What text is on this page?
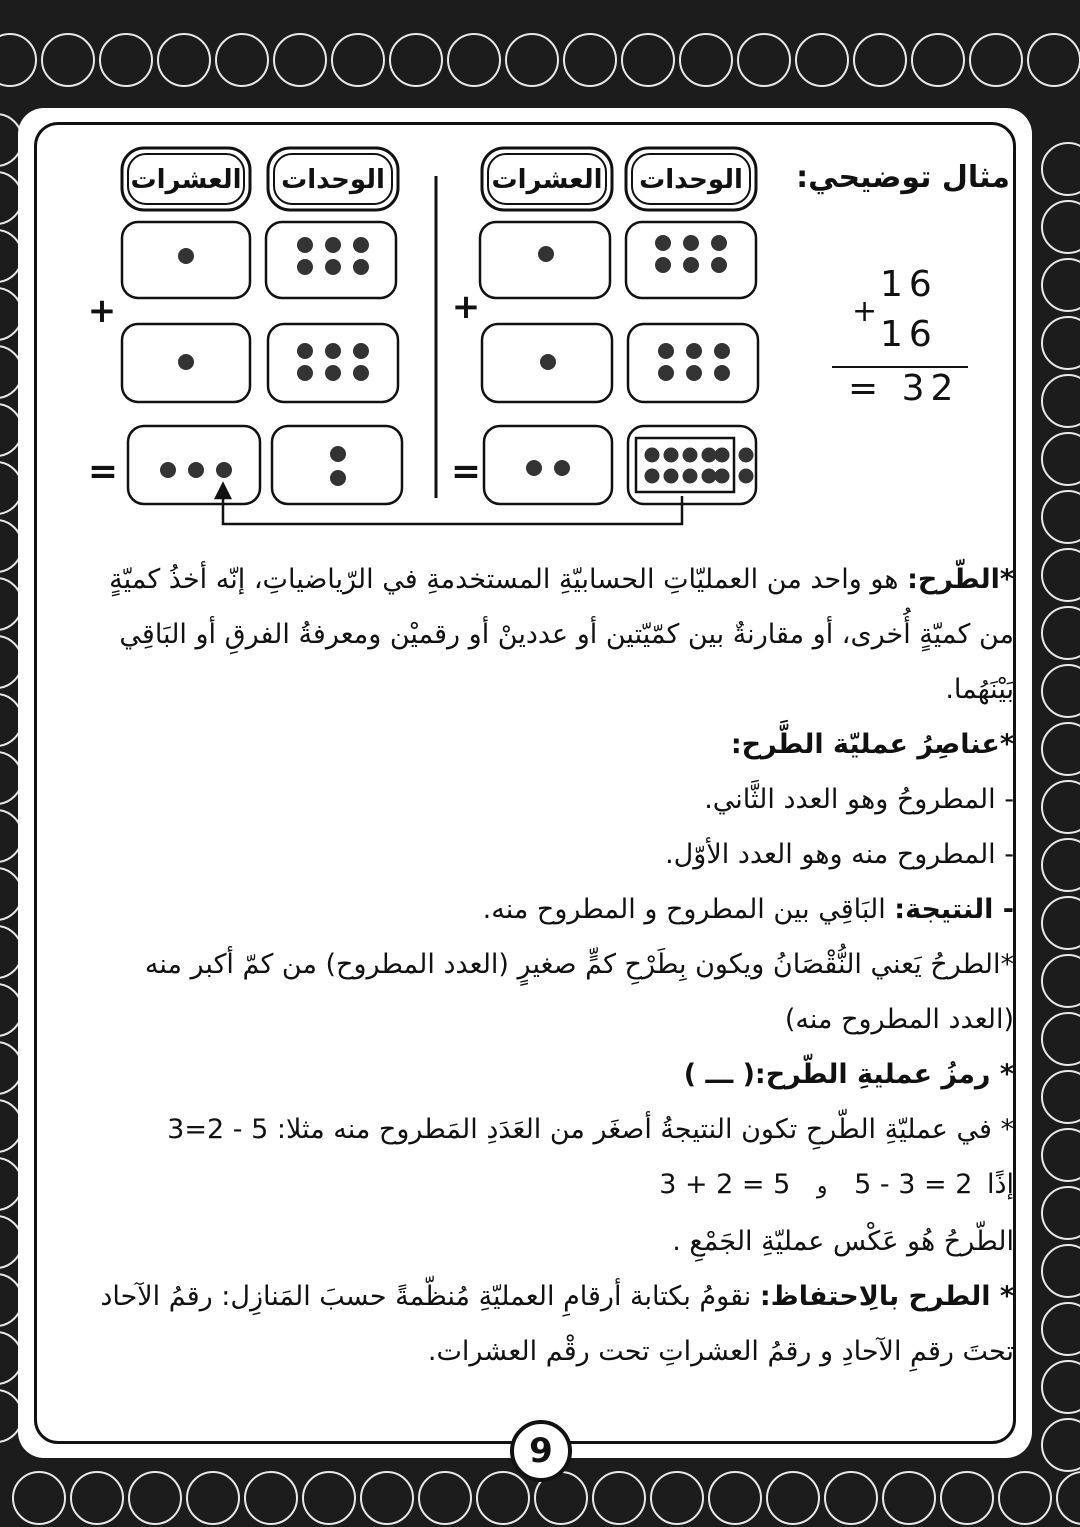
العشرات الوحدات	العشرات الوحدات
+	+
=	=
مثال توضيحي:
16
+
16
= 32

*الطّرح: هو واحد من العمليّاتِ الحسابيّةِ المستخدمةِ في الرّياضياتِ، إنّه أخذُ كميّةٍ

من كميّةٍ أُخرى، أو مقارنةٌ بين كمّيّتين أو عددينْ أو رقميْن ومعرفةُ الفرقِ أو البَاقِي

بَيْنَهُما.

*عناصِرُ عمليّة الطَّرح:

- المطروحُ وهو العدد الثَّاني.

- المطروح منه وهو العدد الأوّل.

- النتيجة: البَاقِي بين المطروح و المطروح منه.

*الطرحُ يَعني النُّقْصَانُ ويكون بِطَرْحِ كمٍّ صغيرٍ (العدد المطروح) من كمّ أكبر منه

(العدد المطروح منه)

* رمزُ عمليةِ الطّرح:( ـــ )

* في عمليّةِ الطّرحِ تكون النتيجةُ أصغَر من العَدَدِ المَطروح منه مثلا: 5 - 2=3

إذًا 5 - 3 = 2 و 3 + 2 = 5

الطّرحُ هُو عَكْس عمليّةِ الجَمْعِ .

* الطرح بالِاحتفاظ: نقومُ بكتابة أرقامِ العمليّةِ مُنظّمةً حسبَ المَنازِل: رقمُ الآحاد

تحتَ رقمِ الآحادِ و رقمُ العشراتِ تحت رقْم العشرات.

9
